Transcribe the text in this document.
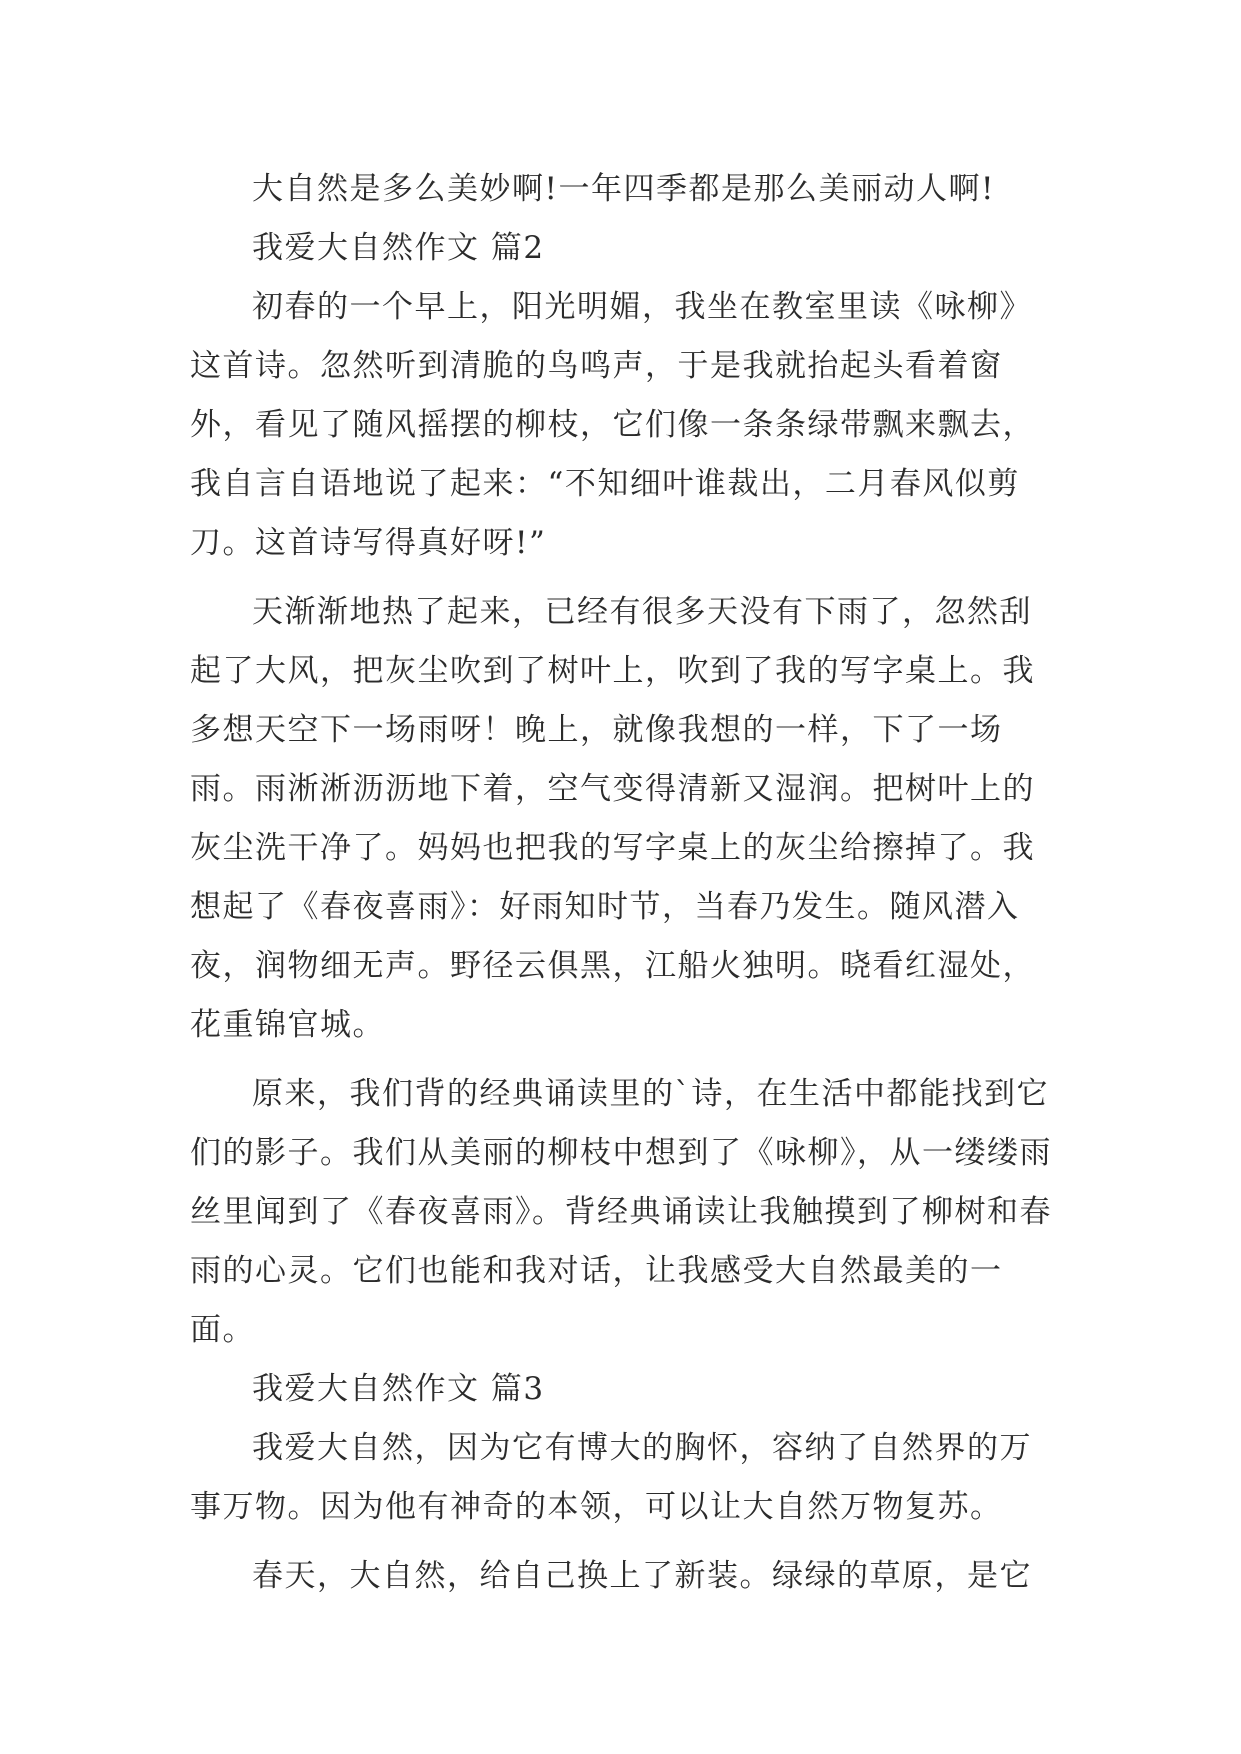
大自然是多么美妙啊!一年四季都是那么美丽动人啊!

我爱大自然作文 篇2

初春的一个早上，阳光明媚，我坐在教室里读《咏柳》这首诗。忽然听到清脆的鸟鸣声，于是我就抬起头看着窗外，看见了随风摇摆的柳枝，它们像一条条绿带飘来飘去，我自言自语地说了起来：“不知细叶谁裁出，二月春风似剪刀。这首诗写得真好呀!”

天渐渐地热了起来，已经有很多天没有下雨了，忽然刮起了大风，把灰尘吹到了树叶上，吹到了我的写字桌上。我多想天空下一场雨呀！晚上，就像我想的一样，下了一场雨。雨淅淅沥沥地下着，空气变得清新又湿润。把树叶上的灰尘洗干净了。妈妈也把我的写字桌上的灰尘给擦掉了。我想起了《春夜喜雨》：好雨知时节，当春乃发生。随风潜入夜，润物细无声。野径云俱黑，江船火独明。晓看红湿处，花重锦官城。

原来，我们背的经典诵读里的`诗，在生活中都能找到它们的影子。我们从美丽的柳枝中想到了《咏柳》，从一缕缕雨丝里闻到了《春夜喜雨》。背经典诵读让我触摸到了柳树和春雨的心灵。它们也能和我对话，让我感受大自然最美的一面。

我爱大自然作文 篇3

我爱大自然，因为它有博大的胸怀，容纳了自然界的万事万物。因为他有神奇的本领，可以让大自然万物复苏。

春天，大自然，给自己换上了新装。绿绿的草原，是它
